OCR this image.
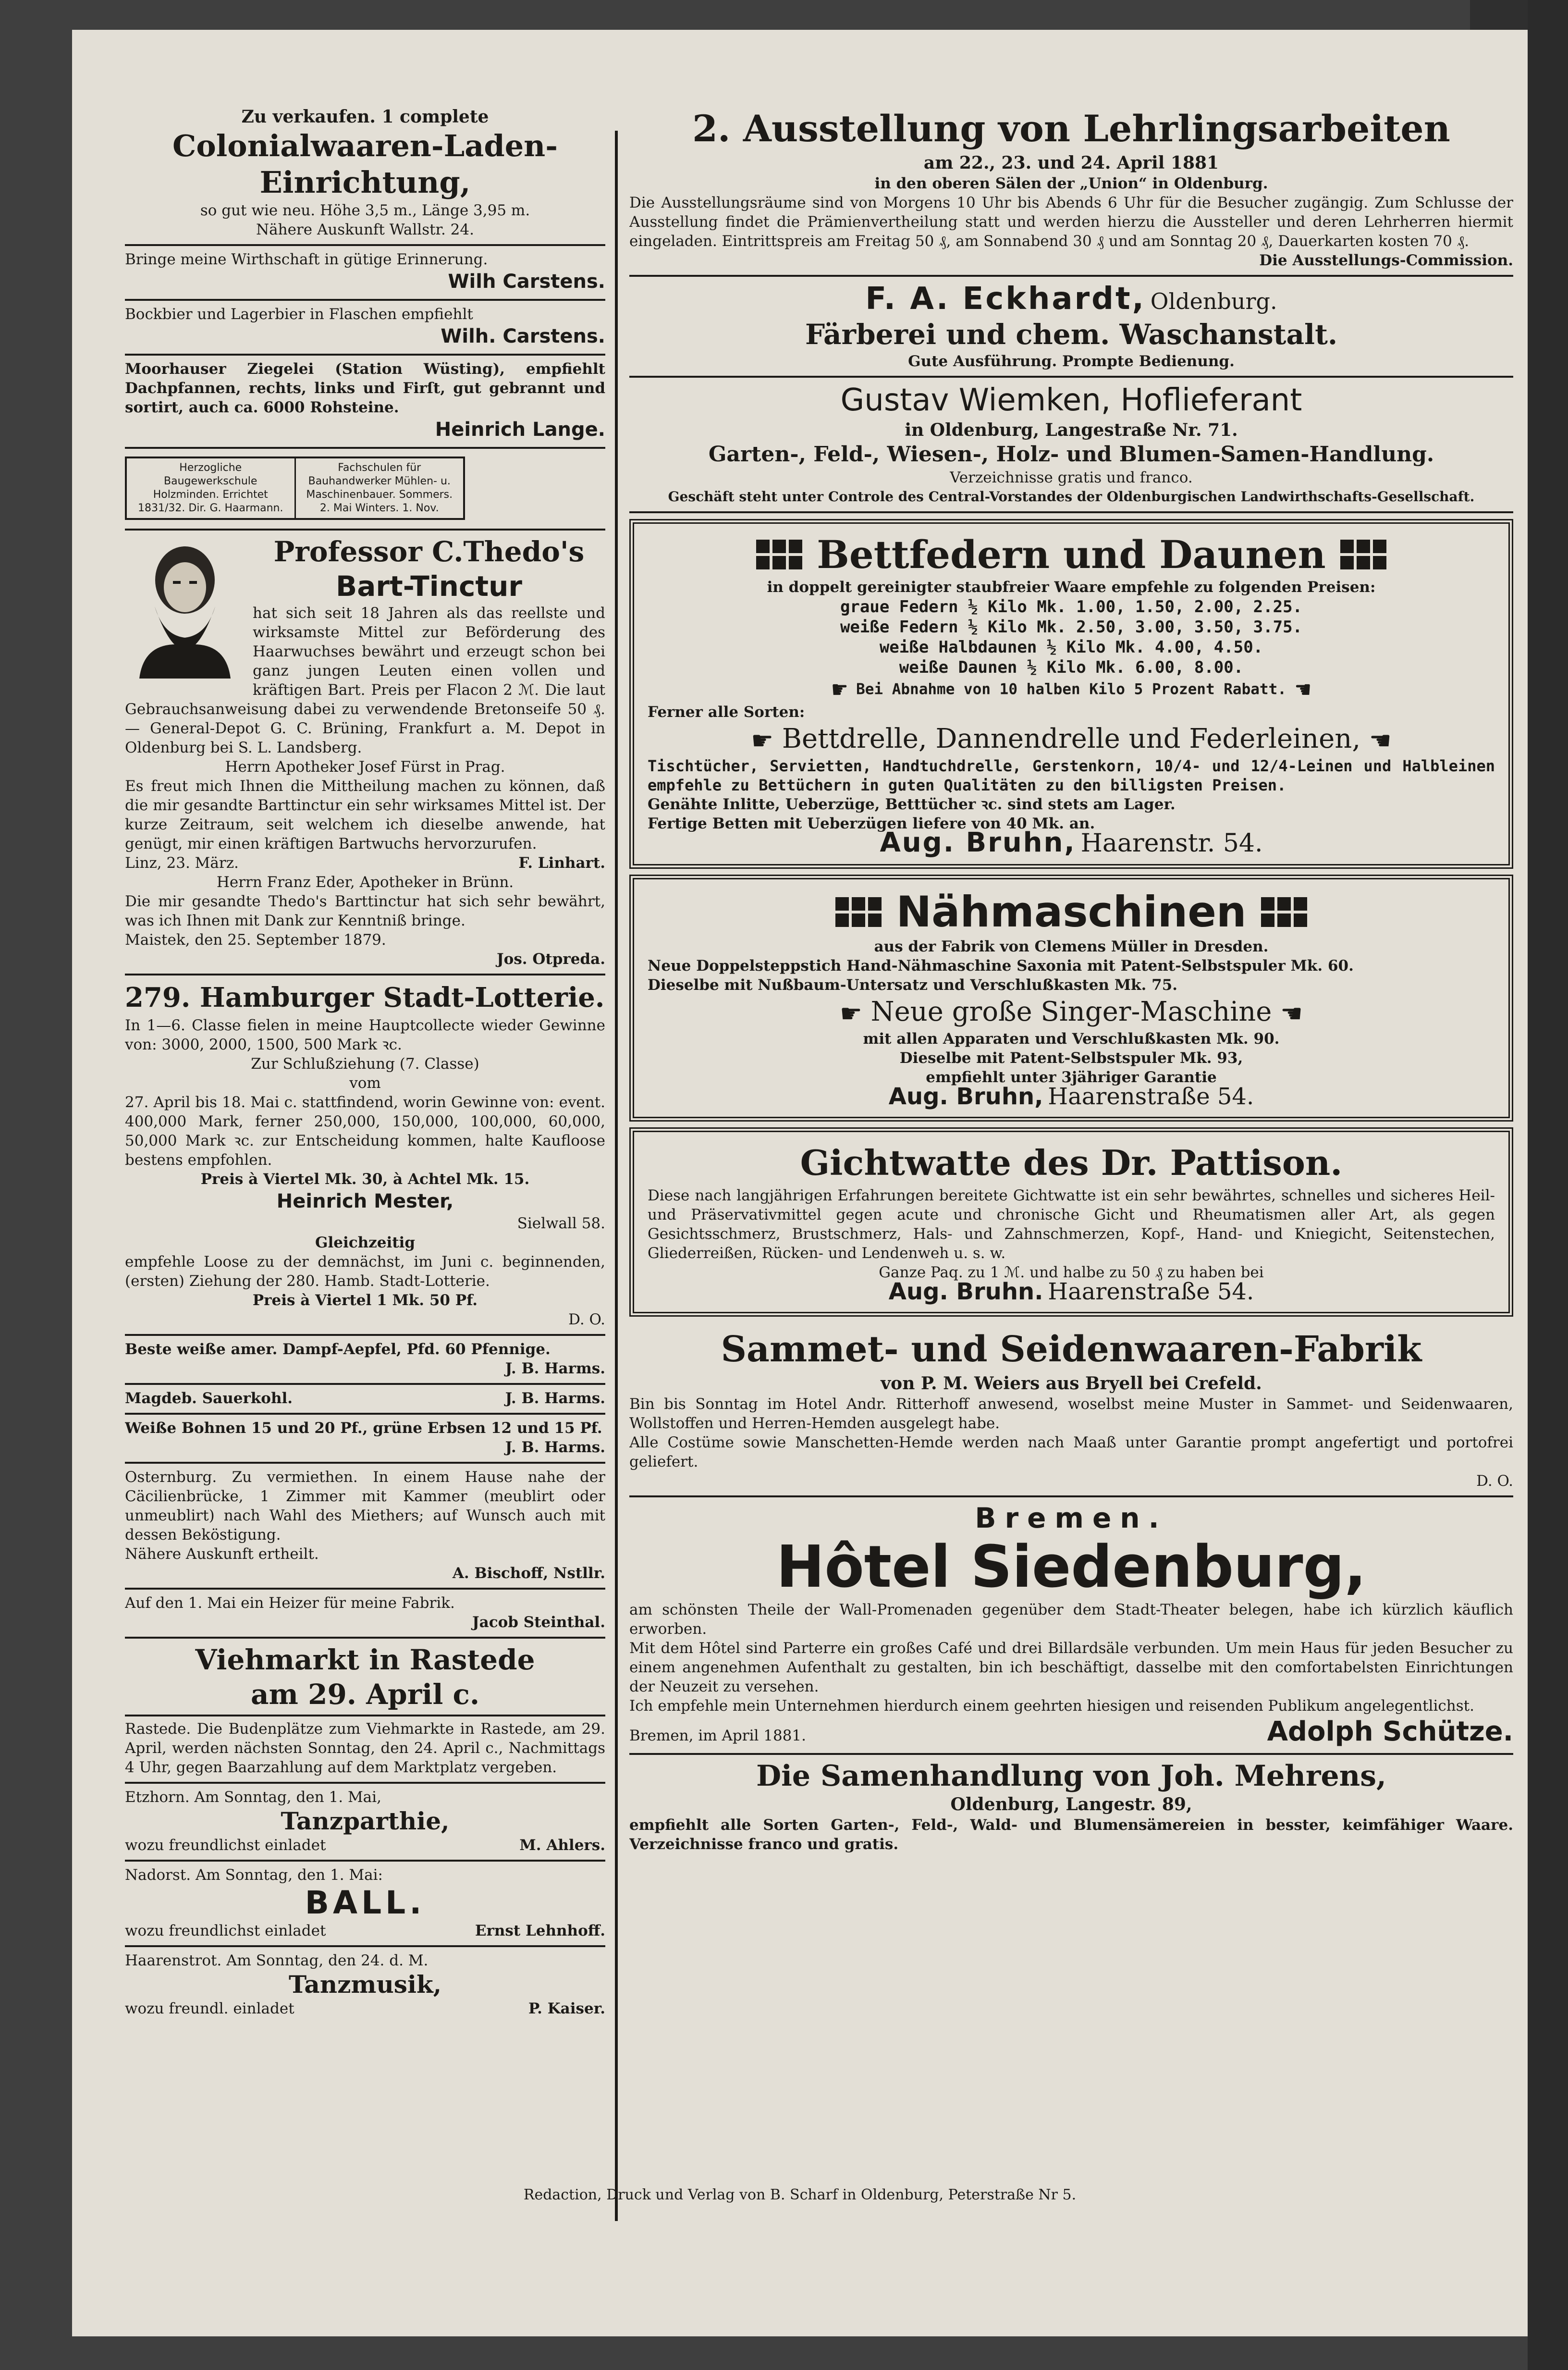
Zu verkaufen. 1 complete

Colonialwaaren-Laden-Einrichtung,

so gut wie neu. Höhe 3,5 m., Länge 3,95 m.

Nähere Auskunft Wallstr. 24.

Bringe meine Wirthschaft in gütige Erinnerung.

Wilh Carstens.

Bockbier und Lagerbier in Flaschen empfiehlt

Wilh. Carstens.

Moorhauser Ziegelei (Station Wüsting), empfiehlt Dachpfannen, rechts, links und Firſt, gut gebrannt und sortirt, auch ca. 6000 Rohsteine.

Heinrich Lange.

Herzogliche Baugewerkschule Holzminden. Errichtet 1831/32. Dir. G. Haarmann.
Fachschulen für Bauhandwerker Mühlen- u. Maschinenbauer. Sommers. 2. Mai Winters. 1. Nov.

Professor C.Thedo's

Bart-Tinctur

hat sich seit 18 Jahren als das reellste und wirksamste Mittel zur Beförderung des Haarwuchses bewährt und erzeugt schon bei ganz jungen Leuten einen vollen und kräftigen Bart. Preis per Flacon 2 ℳ. Die laut Gebrauchsanweisung dabei zu verwendende Bretonseife 50 ₰. — General-Depot G. C. Brüning, Frankfurt a. M. Depot in Oldenburg bei S. L. Landsberg.

Herrn Apotheker Josef Fürst in Prag.

Es freut mich Ihnen die Mittheilung machen zu können, daß die mir gesandte Barttinctur ein sehr wirksames Mittel ist. Der kurze Zeitraum, seit welchem ich dieselbe anwende, hat genügt, mir einen kräftigen Bartwuchs hervorzurufen.

Linz, 23. März.	F. Linhart.

Herrn Franz Eder, Apotheker in Brünn.

Die mir gesandte Thedo's Barttinctur hat sich sehr bewährt, was ich Ihnen mit Dank zur Kenntniß bringe.

Maistek, den 25. September 1879.

Jos. Otpreda.

279. Hamburger Stadt-Lotterie.

In 1—6. Classe fielen in meine Hauptcollecte wieder Gewinne von: 3000, 2000, 1500, 500 Mark ꝛc.

Zur Schlußziehung (7. Classe)

vom

27. April bis 18. Mai c. stattfindend, worin Gewinne von: event. 400,000 Mark, ferner 250,000, 150,000, 100,000, 60,000, 50,000 Mark ꝛc. zur Entscheidung kommen, halte Kaufloose bestens empfohlen.

Preis à Viertel Mk. 30, à Achtel Mk. 15.

Heinrich Mester,

Sielwall 58.

Gleichzeitig

empfehle Loose zu der demnächst, im Juni c. beginnenden, (ersten) Ziehung der 280. Hamb. Stadt-Lotterie.

Preis à Viertel 1 Mk. 50 Pf.

D. O.

Beste weiße amer. Dampf-Aepfel, Pfd. 60 Pfennige.

J. B. Harms.

Magdeb. Sauerkohl.	J. B. Harms.

Weiße Bohnen 15 und 20 Pf., grüne Erbsen 12 und 15 Pf.

J. B. Harms.

Osternburg. Zu vermiethen. In einem Hause nahe der Cäcilienbrücke, 1 Zimmer mit Kammer (meublirt oder unmeublirt) nach Wahl des Miethers; auf Wunsch auch mit dessen Beköstigung.

Nähere Auskunft ertheilt.

A. Bischoff, Nstllr.

Auf den 1. Mai ein Heizer für meine Fabrik.

Jacob Steinthal.

Viehmarkt in Rastede

am 29. April c.

Rastede. Die Budenplätze zum Viehmarkte in Rastede, am 29. April, werden nächsten Sonntag, den 24. April c., Nachmittags 4 Uhr, gegen Baarzahlung auf dem Marktplatz vergeben.

Etzhorn. Am Sonntag, den 1. Mai,

Tanzparthie,

wozu freundlichst einladet	M. Ahlers.

Nadorst. Am Sonntag, den 1. Mai:

BALL.

wozu freundlichst einladet	Ernst Lehnhoff.

Haarenstrot. Am Sonntag, den 24. d. M.

Tanzmusik,

wozu freundl. einladet	P. Kaiser.

2. Ausstellung von Lehrlingsarbeiten

am 22., 23. und 24. April 1881

in den oberen Sälen der „Union“ in Oldenburg.

Die Ausstellungsräume sind von Morgens 10 Uhr bis Abends 6 Uhr für die Besucher zugängig. Zum Schlusse der Ausstellung findet die Prämienvertheilung statt und werden hierzu die Aussteller und deren Lehrherren hiermit eingeladen. Eintrittspreis am Freitag 50 ₰, am Sonnabend 30 ₰ und am Sonntag 20 ₰, Dauerkarten kosten 70 ₰.

Die Ausstellungs-Commission.

F. A. Eckhardt, Oldenburg.

Färberei und chem. Waschanstalt.

Gute Ausführung. Prompte Bedienung.

Gustav Wiemken, Hoflieferant

in Oldenburg, Langestraße Nr. 71.

Garten-, Feld-, Wiesen-, Holz- und Blumen-Samen-Handlung.

Verzeichnisse gratis und franco.

Geschäft steht unter Controle des Central-Vorstandes der Oldenburgischen Landwirthschafts-Gesellschaft.

Bettfedern und Daunen

in doppelt gereinigter staubfreier Waare empfehle zu folgenden Preisen:

graue Federn ½ Kilo Mk. 1.00, 1.50, 2.00, 2.25.

weiße Federn ½ Kilo Mk. 2.50, 3.00, 3.50, 3.75.

weiße Halbdaunen ½ Kilo Mk. 4.00, 4.50.

weiße Daunen ½ Kilo Mk. 6.00, 8.00.

☛ Bei Abnahme von 10 halben Kilo 5 Prozent Rabatt. ☚

Ferner alle Sorten:

☛ Bettdrelle, Dannendrelle und Federleinen, ☚

Tischtücher, Servietten, Handtuchdrelle, Gerstenkorn, 10/4- und 12/4-Leinen und Halbleinen empfehle zu Bettüchern in guten Qualitäten zu den billigsten Preisen.

Genähte Inlitte, Ueberzüge, Betttücher ꝛc. sind stets am Lager.

Fertige Betten mit Ueberzügen liefere von 40 Mk. an.

Aug. Bruhn, Haarenstr. 54.

Nähmaschinen

aus der Fabrik von Clemens Müller in Dresden.

Neue Doppelsteppstich Hand-Nähmaschine Saxonia mit Patent-Selbstspuler Mk. 60.

Dieselbe mit Nußbaum-Untersatz und Verschlußkasten Mk. 75.

☛ Neue große Singer-Maschine ☚

mit allen Apparaten und Verschlußkasten Mk. 90.

Dieselbe mit Patent-Selbstspuler Mk. 93,

empfiehlt unter 3jähriger Garantie

Aug. Bruhn, Haarenstraße 54.

Gichtwatte des Dr. Pattison.

Diese nach langjährigen Erfahrungen bereitete Gichtwatte ist ein sehr bewährtes, schnelles und sicheres Heil- und Präservativmittel gegen acute und chronische Gicht und Rheumatismen aller Art, als gegen Gesichtsschmerz, Brustschmerz, Hals- und Zahnschmerzen, Kopf-, Hand- und Kniegicht, Seitenstechen, Gliederreißen, Rücken- und Lendenweh u. s. w.

Ganze Paq. zu 1 ℳ. und halbe zu 50 ₰ zu haben bei

Aug. Bruhn. Haarenstraße 54.

Sammet- und Seidenwaaren-Fabrik

von P. M. Weiers aus Bryell bei Crefeld.

Bin bis Sonntag im Hotel Andr. Ritterhoff anwesend, woselbst meine Muster in Sammet- und Seidenwaaren, Wollstoffen und Herren-Hemden ausgelegt habe.

Alle Costüme sowie Manschetten-Hemde werden nach Maaß unter Garantie prompt angefertigt und portofrei geliefert.

D. O.

Bremen.

Hôtel Siedenburg,

am schönsten Theile der Wall-Promenaden gegenüber dem Stadt-Theater belegen, habe ich kürzlich käuflich erworben.

Mit dem Hôtel sind Parterre ein großes Café und drei Billardsäle verbunden. Um mein Haus für jeden Besucher zu einem angenehmen Aufenthalt zu gestalten, bin ich beschäftigt, dasselbe mit den comfortabelsten Einrichtungen der Neuzeit zu versehen.

Ich empfehle mein Unternehmen hierdurch einem geehrten hiesigen und reisenden Publikum angelegentlichst.

Bremen, im April 1881.	Adolph Schütze.

Die Samenhandlung von Joh. Mehrens,

Oldenburg, Langestr. 89,

empfiehlt alle Sorten Garten-, Feld-, Wald- und Blumensämereien in besster, keimfähiger Waare. Verzeichnisse franco und gratis.

Redaction, Druck und Verlag von B. Scharf in Oldenburg, Peterstraße Nr 5.
